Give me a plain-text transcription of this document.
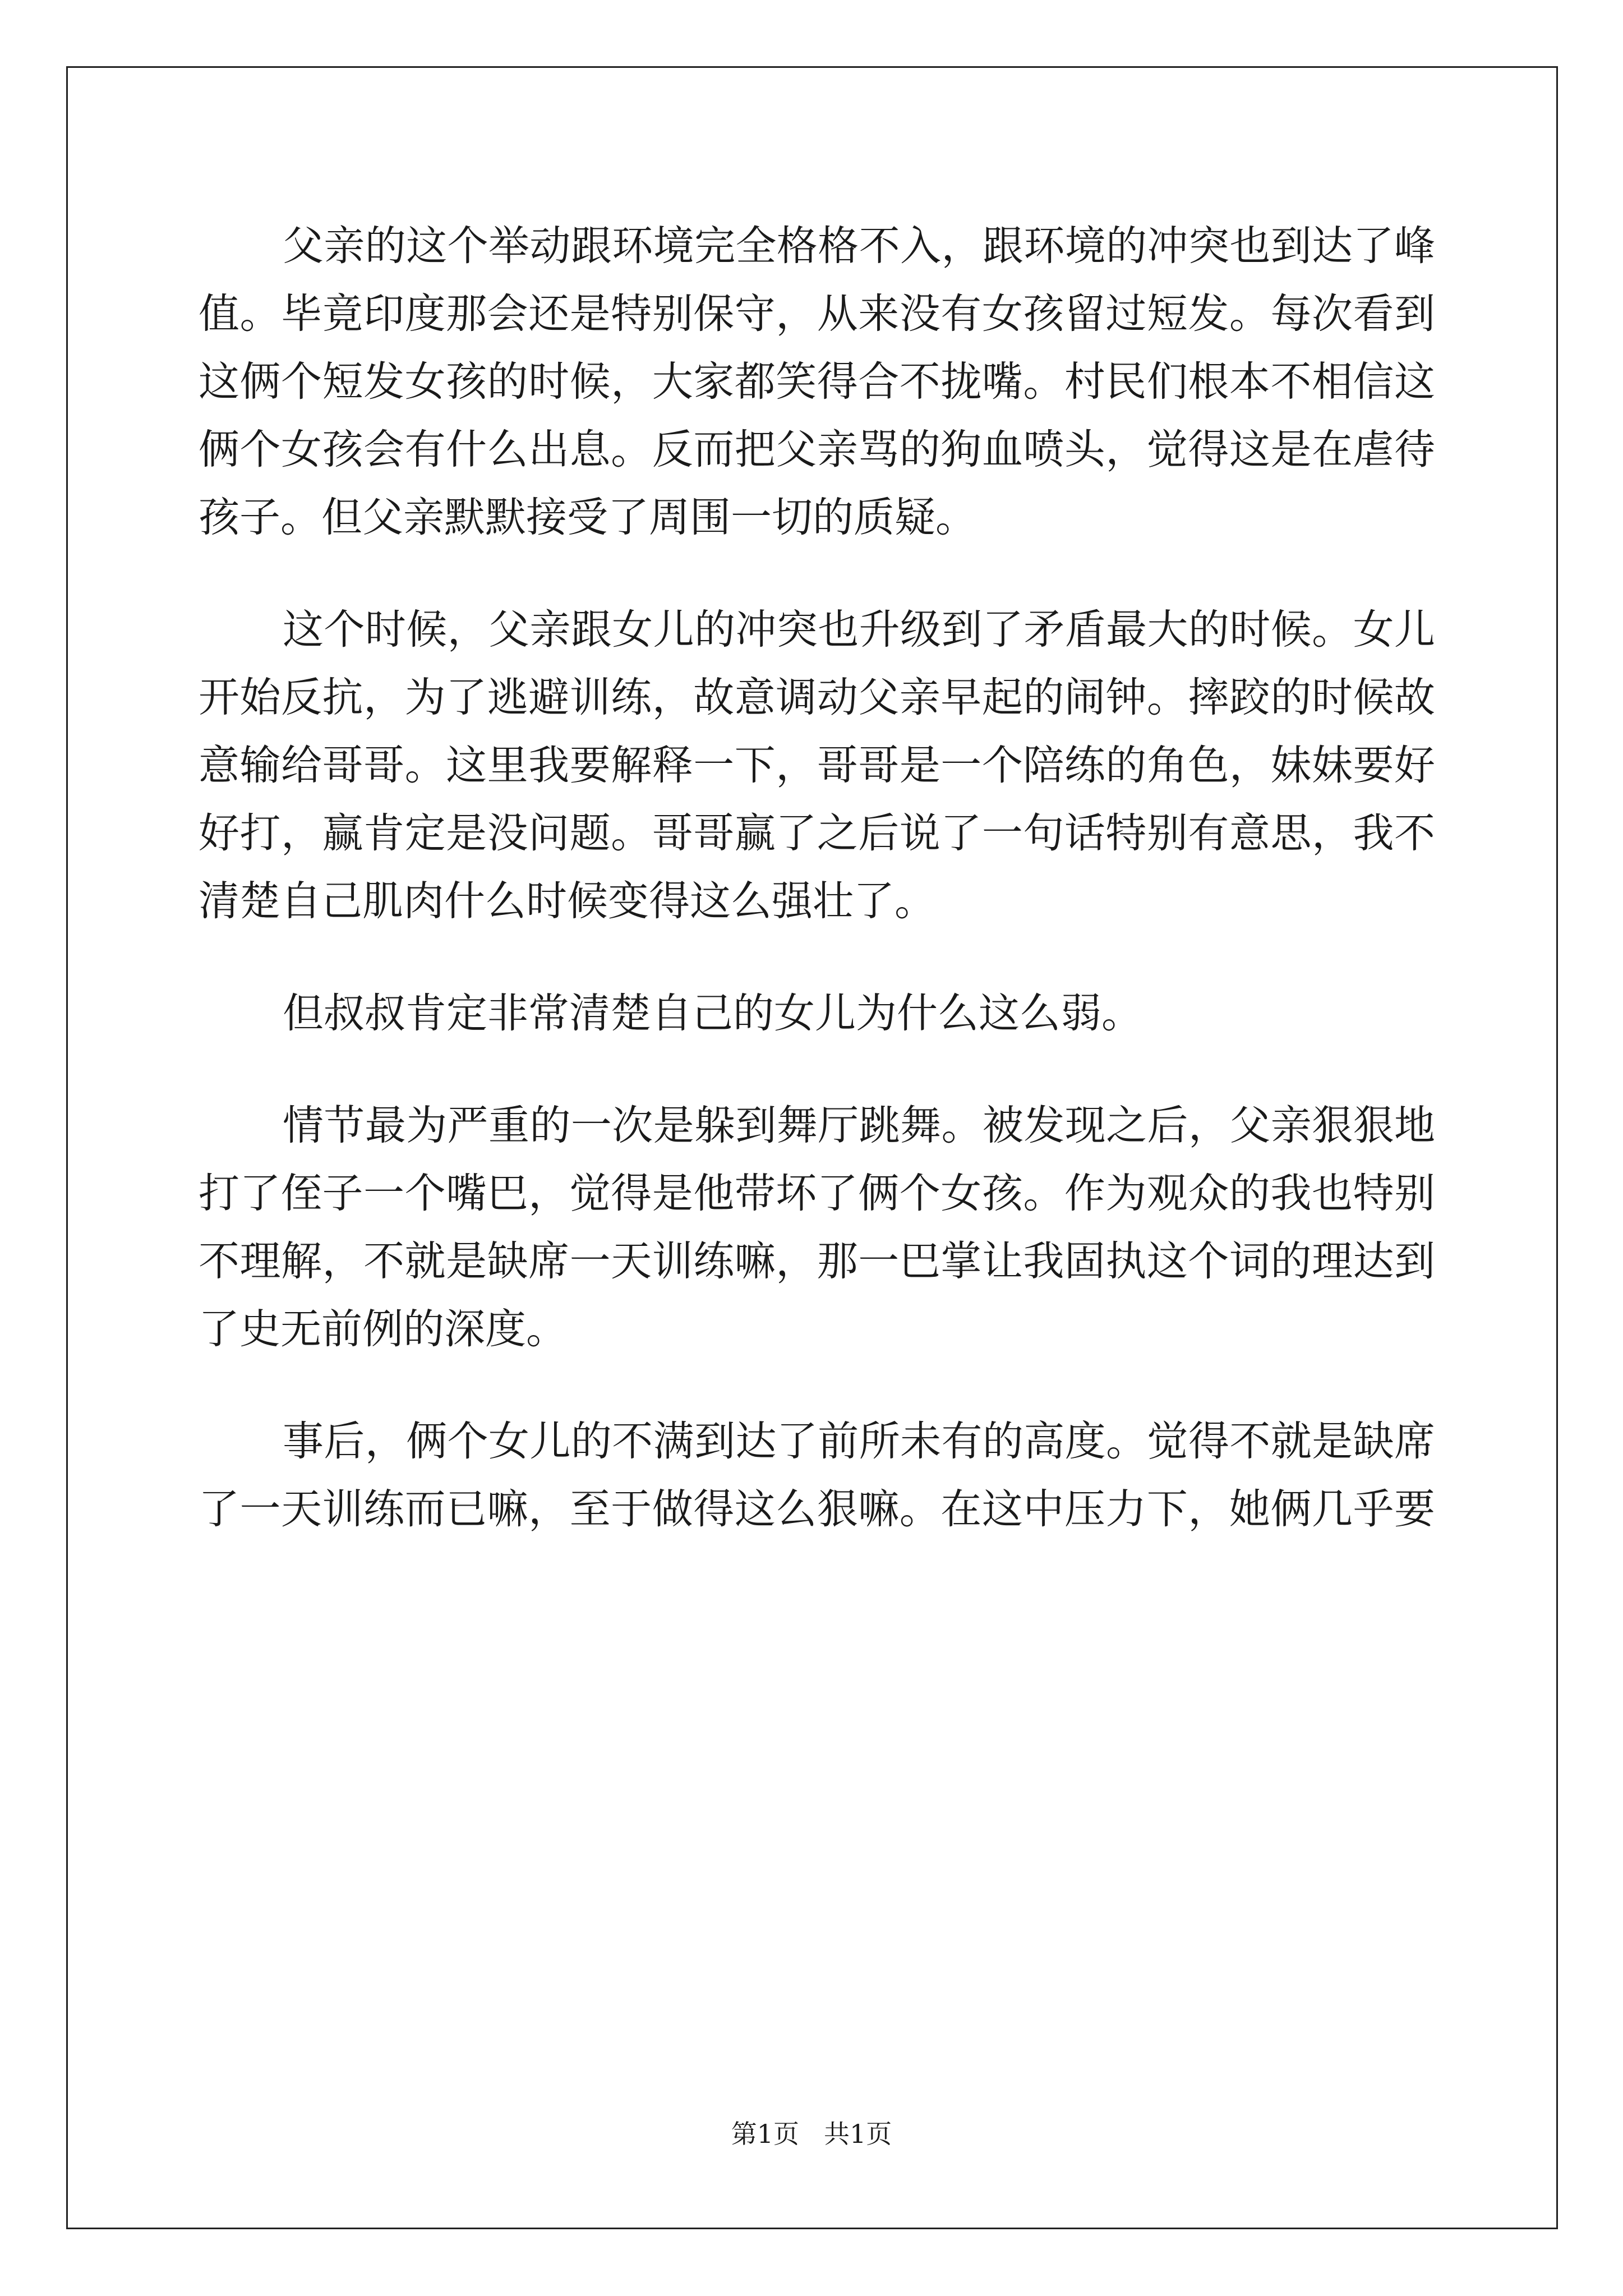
父亲的这个举动跟环境完全格格不入，跟环境的冲突也到达了峰
值。毕竟印度那会还是特别保守，从来没有女孩留过短发。每次看到
这俩个短发女孩的时候，大家都笑得合不拢嘴。村民们根本不相信这
俩个女孩会有什么出息。反而把父亲骂的狗血喷头，觉得这是在虐待
孩子。但父亲默默接受了周围一切的质疑。
这个时候，父亲跟女儿的冲突也升级到了矛盾最大的时候。女儿
开始反抗，为了逃避训练，故意调动父亲早起的闹钟。摔跤的时候故
意输给哥哥。这里我要解释一下，哥哥是一个陪练的角色，妹妹要好
好打，赢肯定是没问题。哥哥赢了之后说了一句话特别有意思，我不
清楚自己肌肉什么时候变得这么强壮了。
但叔叔肯定非常清楚自己的女儿为什么这么弱。
情节最为严重的一次是躲到舞厅跳舞。被发现之后，父亲狠狠地
打了侄子一个嘴巴，觉得是他带坏了俩个女孩。作为观众的我也特别
不理解，不就是缺席一天训练嘛，那一巴掌让我固执这个词的理达到
了史无前例的深度。
事后，俩个女儿的不满到达了前所未有的高度。觉得不就是缺席
了一天训练而已嘛，至于做得这么狠嘛。在这中压力下，她俩几乎要
第1页 共1页
